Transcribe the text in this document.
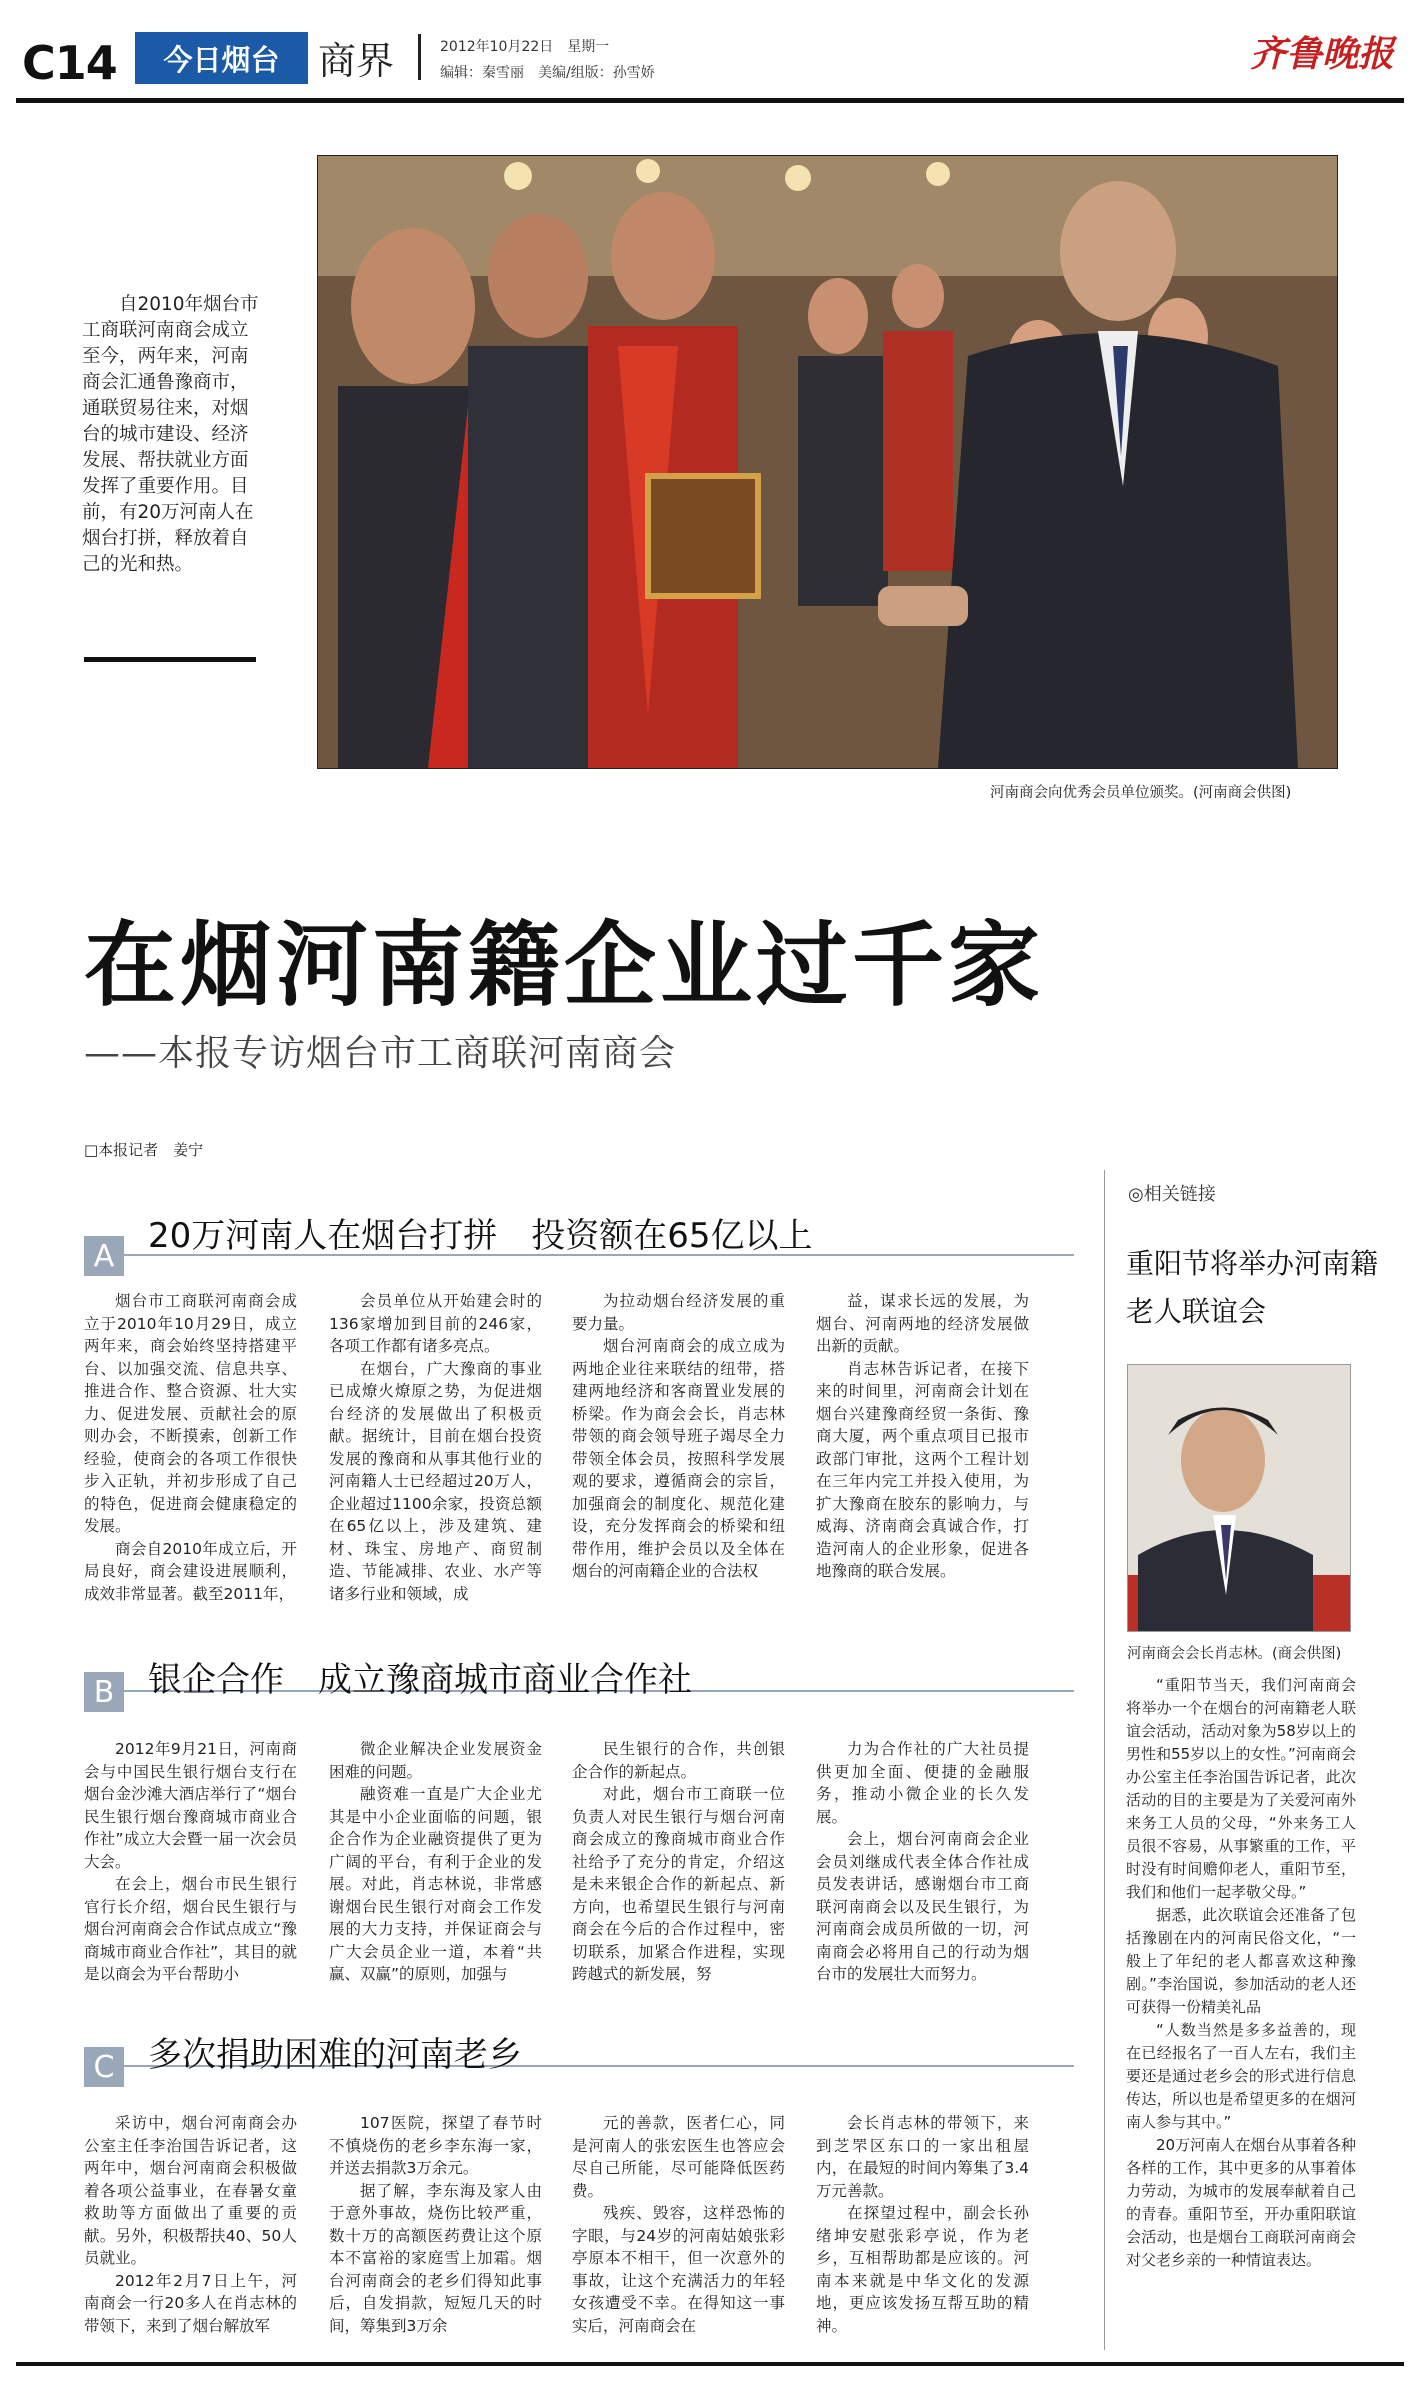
C14	今日烟台	商界	2012年10月22日　星期一
编辑：秦雪丽　美编/组版：孙雪娇	齐鲁晚报
自2010年烟台市工商联河南商会成立至今，两年来，河南商会汇通鲁豫商市，通联贸易往来，对烟台的城市建设、经济发展、帮扶就业方面发挥了重要作用。目前，有20万河南人在烟台打拼，释放着自己的光和热。
河南商会向优秀会员单位颁奖。(河南商会供图)
在烟河南籍企业过千家
——本报专访烟台市工商联河南商会
□本报记者　姜宁
A 20万河南人在烟台打拼　投资额在65亿以上

烟台市工商联河南商会成立于2010年10月29日，成立两年来，商会始终坚持搭建平台、以加强交流、信息共享、推进合作、整合资源、壮大实力、促进发展、贡献社会的原则办会，不断摸索，创新工作经验，使商会的各项工作很快步入正轨，并初步形成了自己的特色，促进商会健康稳定的发展。

商会自2010年成立后，开局良好，商会建设进展顺利，成效非常显著。截至2011年，

会员单位从开始建会时的136家增加到目前的246家，各项工作都有诸多亮点。

在烟台，广大豫商的事业已成燎火燎原之势，为促进烟台经济的发展做出了积极贡献。据统计，目前在烟台投资发展的豫商和从事其他行业的河南籍人士已经超过20万人，企业超过1100余家，投资总额在65亿以上，涉及建筑、建材、珠宝、房地产、商贸制造、节能减排、农业、水产等诸多行业和领域，成

为拉动烟台经济发展的重要力量。

烟台河南商会的成立成为两地企业往来联结的纽带，搭建两地经济和客商置业发展的桥梁。作为商会会长，肖志林带领的商会领导班子竭尽全力带领全体会员，按照科学发展观的要求，遵循商会的宗旨，加强商会的制度化、规范化建设，充分发挥商会的桥梁和纽带作用，维护会员以及全体在烟台的河南籍企业的合法权

益，谋求长远的发展，为烟台、河南两地的经济发展做出新的贡献。

肖志林告诉记者，在接下来的时间里，河南商会计划在烟台兴建豫商经贸一条街、豫商大厦，两个重点项目已报市政部门审批，这两个工程计划在三年内完工并投入使用，为扩大豫商在胶东的影响力，与威海、济南商会真诚合作，打造河南人的企业形象，促进各地豫商的联合发展。

B 银企合作　成立豫商城市商业合作社

2012年9月21日，河南商会与中国民生银行烟台支行在烟台金沙滩大酒店举行了“烟台民生银行烟台豫商城市商业合作社”成立大会暨一届一次会员大会。

在会上，烟台市民生银行官行长介绍，烟台民生银行与烟台河南商会合作试点成立“豫商城市商业合作社”，其目的就是以商会为平台帮助小

微企业解决企业发展资金困难的问题。

融资难一直是广大企业尤其是中小企业面临的问题，银企合作为企业融资提供了更为广阔的平台，有利于企业的发展。对此，肖志林说，非常感谢烟台民生银行对商会工作发展的大力支持，并保证商会与广大会员企业一道，本着“共赢、双赢”的原则，加强与

民生银行的合作，共创银企合作的新起点。

对此，烟台市工商联一位负责人对民生银行与烟台河南商会成立的豫商城市商业合作社给予了充分的肯定，介绍这是未来银企合作的新起点、新方向，也希望民生银行与河南商会在今后的合作过程中，密切联系，加紧合作进程，实现跨越式的新发展，努

力为合作社的广大社员提供更加全面、便捷的金融服务，推动小微企业的长久发展。

会上，烟台河南商会企业会员刘继成代表全体合作社成员发表讲话，感谢烟台市工商联河南商会以及民生银行，为河南商会成员所做的一切，河南商会必将用自己的行动为烟台市的发展壮大而努力。

C 多次捐助困难的河南老乡

采访中，烟台河南商会办公室主任李治国告诉记者，这两年中，烟台河南商会积极做着各项公益事业，在春暑女童救助等方面做出了重要的贡献。另外，积极帮扶40、50人员就业。

2012年2月7日上午，河南商会一行20多人在肖志林的带领下，来到了烟台解放军

107医院，探望了春节时不慎烧伤的老乡李东海一家，并送去捐款3万余元。

据了解，李东海及家人由于意外事故，烧伤比较严重，数十万的高额医药费让这个原本不富裕的家庭雪上加霜。烟台河南商会的老乡们得知此事后，自发捐款，短短几天的时间，筹集到3万余

元的善款，医者仁心，同是河南人的张宏医生也答应会尽自己所能，尽可能降低医药费。

残疾、毁容，这样恐怖的字眼，与24岁的河南姑娘张彩亭原本不相干，但一次意外的事故，让这个充满活力的年轻女孩遭受不幸。在得知这一事实后，河南商会在

会长肖志林的带领下，来到芝罘区东口的一家出租屋内，在最短的时间内筹集了3.4万元善款。

在探望过程中，副会长孙绪坤安慰张彩亭说，作为老乡，互相帮助都是应该的。河南本来就是中华文化的发源地，更应该发扬互帮互助的精神。

◎相关链接
重阳节将举办河南籍老人联谊会
河南商会会长肖志林。(商会供图)

“重阳节当天，我们河南商会将举办一个在烟台的河南籍老人联谊会活动，活动对象为58岁以上的男性和55岁以上的女性。”河南商会办公室主任李治国告诉记者，此次活动的目的主要是为了关爱河南外来务工人员的父母，“外来务工人员很不容易，从事繁重的工作，平时没有时间赡仰老人，重阳节至，我们和他们一起孝敬父母。”

据悉，此次联谊会还准备了包括豫剧在内的河南民俗文化，“一般上了年纪的老人都喜欢这种豫剧。”李治国说，参加活动的老人还可获得一份精美礼品

“人数当然是多多益善的，现在已经报名了一百人左右，我们主要还是通过老乡会的形式进行信息传达，所以也是希望更多的在烟河南人参与其中。”

20万河南人在烟台从事着各种各样的工作，其中更多的从事着体力劳动，为城市的发展奉献着自己的青春。重阳节至，开办重阳联谊会活动，也是烟台工商联河南商会对父老乡亲的一种情谊表达。
